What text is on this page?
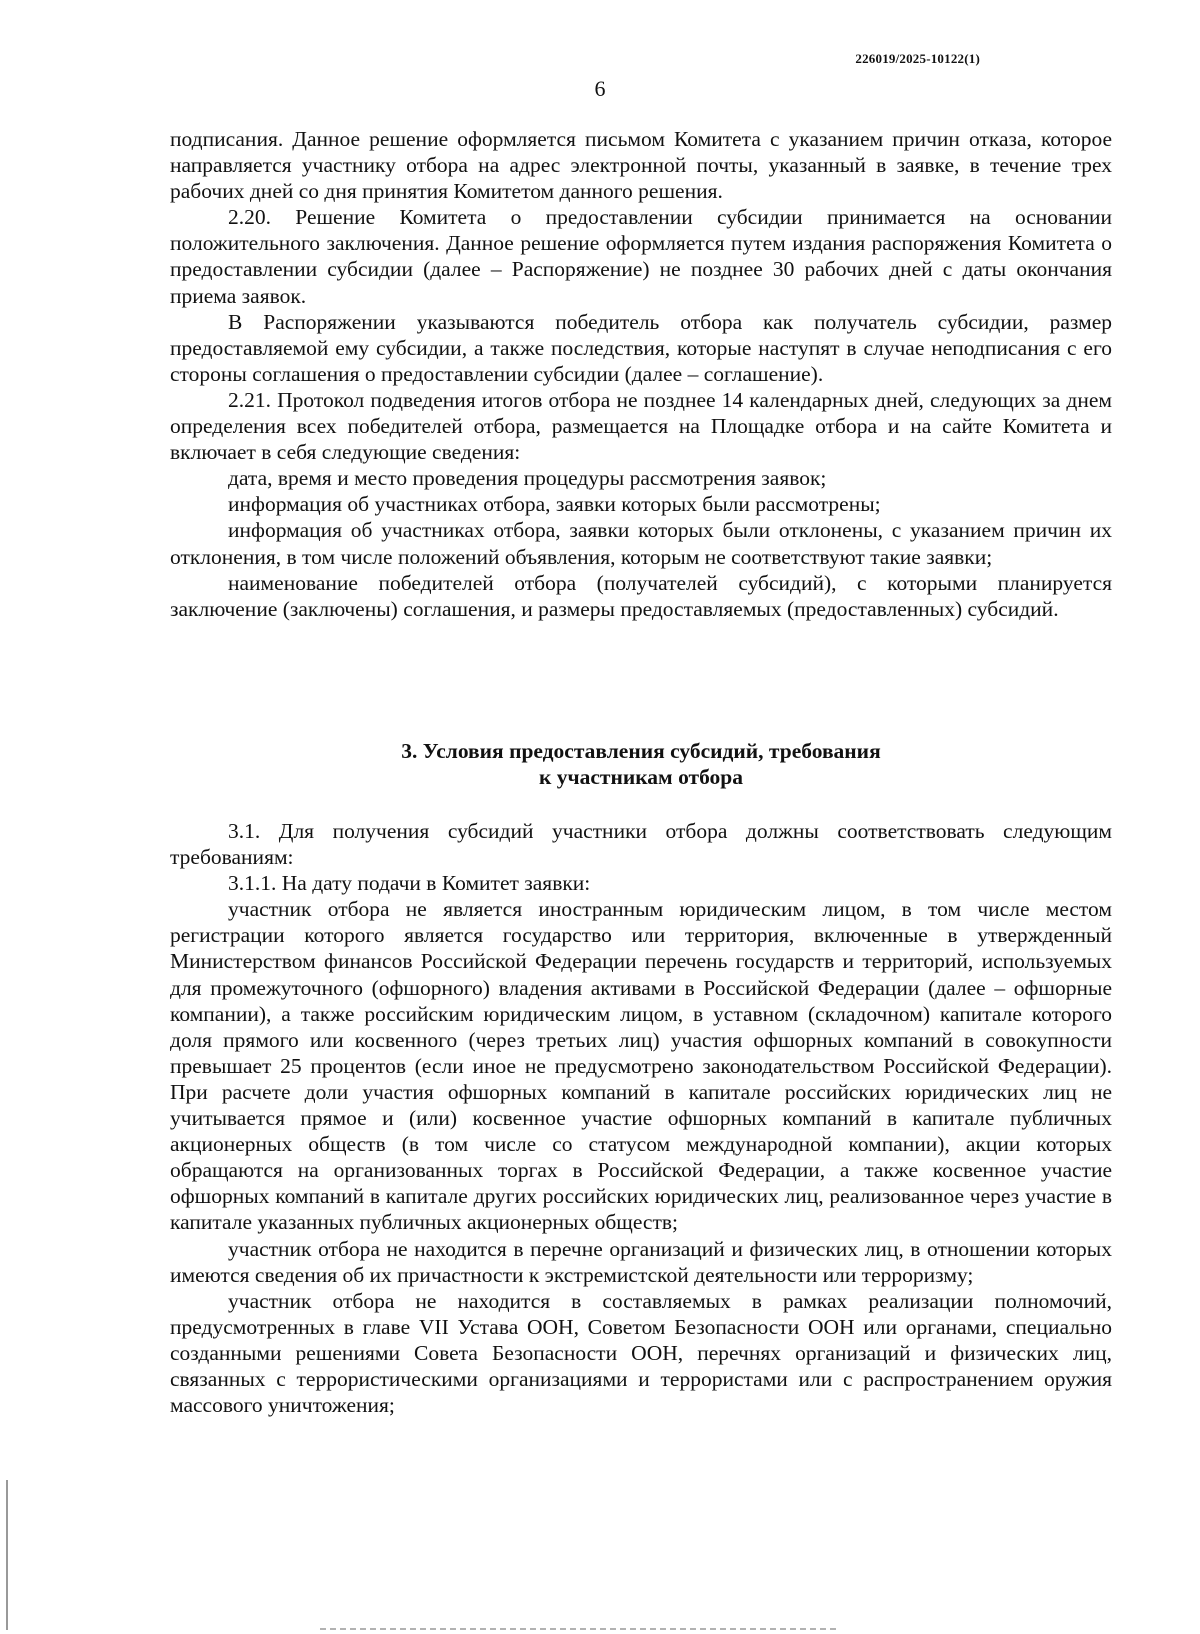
226019/2025-10122(1)
6

подписания. Данное решение оформляется письмом Комитета с указанием причин отказа, которое направляется участнику отбора на адрес электронной почты, указанный в заявке, в течение трех рабочих дней со дня принятия Комитетом данного решения.

2.20. Решение Комитета о предоставлении субсидии принимается на основании положительного заключения. Данное решение оформляется путем издания распоряжения Комитета о предоставлении субсидии (далее – Распоряжение) не позднее 30 рабочих дней с даты окончания приема заявок.

В Распоряжении указываются победитель отбора как получатель субсидии, размер предоставляемой ему субсидии, а также последствия, которые наступят в случае неподписания с его стороны соглашения о предоставлении субсидии (далее – соглашение).

2.21. Протокол подведения итогов отбора не позднее 14 календарных дней, следующих за днем определения всех победителей отбора, размещается на Площадке отбора и на сайте Комитета и включает в себя следующие сведения:

дата, время и место проведения процедуры рассмотрения заявок;

информация об участниках отбора, заявки которых были рассмотрены;

информация об участниках отбора, заявки которых были отклонены, с указанием причин их отклонения, в том числе положений объявления, которым не соответствуют такие заявки;

наименование победителей отбора (получателей субсидий), с которыми планируется заключение (заключены) соглашения, и размеры предоставляемых (предоставленных) субсидий.

3. Условия предоставления субсидий, требования
к участникам отбора

3.1. Для получения субсидий участники отбора должны соответствовать следующим требованиям:

3.1.1. На дату подачи в Комитет заявки:

участник отбора не является иностранным юридическим лицом, в том числе местом регистрации которого является государство или территория, включенные в утвержденный Министерством финансов Российской Федерации перечень государств и территорий, используемых для промежуточного (офшорного) владения активами в Российской Федерации (далее – офшорные компании), а также российским юридическим лицом, в уставном (складочном) капитале которого доля прямого или косвенного (через третьих лиц) участия офшорных компаний в совокупности превышает 25 процентов (если иное не предусмотрено законодательством Российской Федерации). При расчете доли участия офшорных компаний в капитале российских юридических лиц не учитывается прямое и (или) косвенное участие офшорных компаний в капитале публичных акционерных обществ (в том числе со статусом международной компании), акции которых обращаются на организованных торгах в Российской Федерации, а также косвенное участие офшорных компаний в капитале других российских юридических лиц, реализованное через участие в капитале указанных публичных акционерных обществ;

участник отбора не находится в перечне организаций и физических лиц, в отношении которых имеются сведения об их причастности к экстремистской деятельности или терроризму;

участник отбора не находится в составляемых в рамках реализации полномочий, предусмотренных в главе VII Устава ООН, Советом Безопасности ООН или органами, специально созданными решениями Совета Безопасности ООН, перечнях организаций и физических лиц, связанных с террористическими организациями и террористами или с распространением оружия массового уничтожения;
